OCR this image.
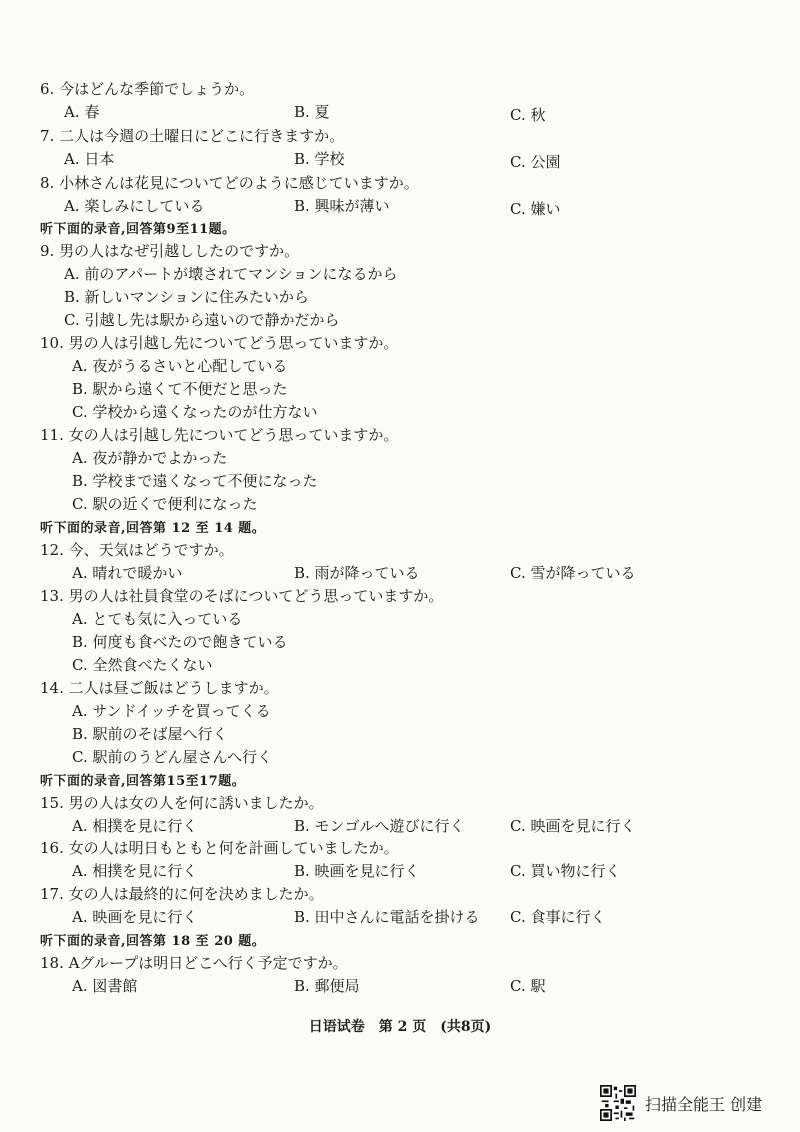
6. 今はどんな季節でしょうか。
A. 春	B. 夏	C. 秋
7. 二人は今週の土曜日にどこに行きますか。
A. 日本	B. 学校	C. 公園
8. 小林さんは花見についてどのように感じていますか。
A. 楽しみにしている	B. 興味が薄い	C. 嫌い
听下面的录音,回答第9至11题。
9. 男の人はなぜ引越ししたのですか。
A. 前のアパートが壊されてマンションになるから
B. 新しいマンションに住みたいから
C. 引越し先は駅から遠いので静かだから
10. 男の人は引越し先についてどう思っていますか。
A. 夜がうるさいと心配している
B. 駅から遠くて不便だと思った
C. 学校から遠くなったのが仕方ない
11. 女の人は引越し先についてどう思っていますか。
A. 夜が静かでよかった
B. 学校まで遠くなって不便になった
C. 駅の近くで便利になった
听下面的录音,回答第 12 至 14 题。
12. 今、天気はどうですか。
A. 晴れで暖かい	B. 雨が降っている	C. 雪が降っている
13. 男の人は社員食堂のそばについてどう思っていますか。
A. とても気に入っている
B. 何度も食べたので飽きている
C. 全然食べたくない
14. 二人は昼ご飯はどうしますか。
A. サンドイッチを買ってくる
B. 駅前のそば屋へ行く
C. 駅前のうどん屋さんへ行く
听下面的录音,回答第15至17题。
15. 男の人は女の人を何に誘いましたか。
A. 相撲を見に行く	B. モンゴルへ遊びに行く	C. 映画を見に行く
16. 女の人は明日もともと何を計画していましたか。
A. 相撲を見に行く	B. 映画を見に行く	C. 買い物に行く
17. 女の人は最終的に何を決めましたか。
A. 映画を見に行く	B. 田中さんに電話を掛ける C. 食事に行く
听下面的录音,回答第 18 至 20 题。
18. Aグループは明日どこへ行く予定ですか。
A. 図書館	B. 郵便局	C. 駅
日语试卷　第 2 页　(共8页)
扫描全能王 创建
